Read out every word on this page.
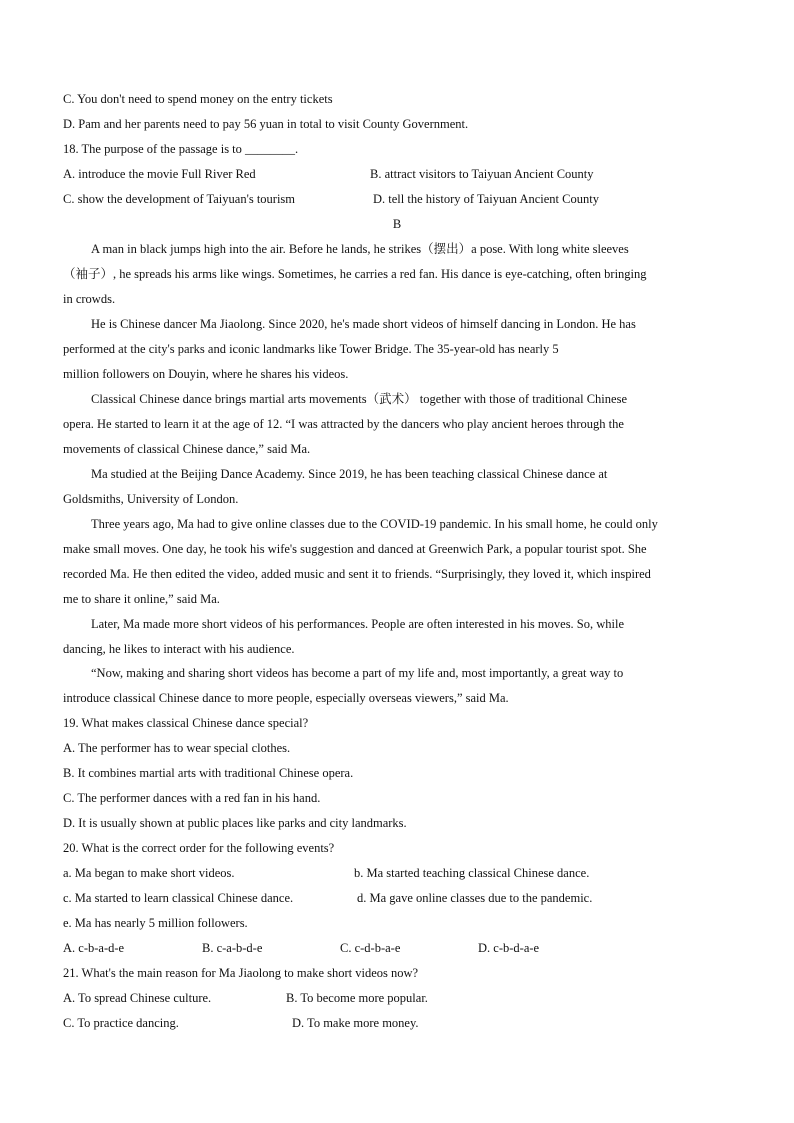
C. You don't need to spend money on the entry tickets
D. Pam and her parents need to pay 56 yuan in total to visit County Government.
18. The purpose of the passage is to ________.
A. introduce the movie Full River Red	B. attract visitors to Taiyuan Ancient County
C. show the development of Taiyuan's tourism	D. tell the history of Taiyuan Ancient County
B
A man in black jumps high into the air. Before he lands, he strikes（摆出）a pose. With long white sleeves
（袖子）, he spreads his arms like wings. Sometimes, he carries a red fan. His dance is eye-catching, often bringing
in crowds.
He is Chinese dancer Ma Jiaolong. Since 2020, he's made short videos of himself dancing in London. He has
performed at the city's parks and iconic landmarks like Tower Bridge. The 35-year-old has nearly 5
million followers on Douyin, where he shares his videos.
Classical Chinese dance brings martial arts movements（武术） together with those of traditional Chinese
opera. He started to learn it at the age of 12. “I was attracted by the dancers who play ancient heroes through the
movements of classical Chinese dance,” said Ma.
Ma studied at the Beijing Dance Academy. Since 2019, he has been teaching classical Chinese dance at
Goldsmiths, University of London.
Three years ago, Ma had to give online classes due to the COVID-19 pandemic. In his small home, he could only
make small moves. One day, he took his wife's suggestion and danced at Greenwich Park, a popular tourist spot. She
recorded Ma. He then edited the video, added music and sent it to friends. “Surprisingly, they loved it, which inspired
me to share it online,” said Ma.
Later, Ma made more short videos of his performances. People are often interested in his moves. So, while
dancing, he likes to interact with his audience.
“Now, making and sharing short videos has become a part of my life and, most importantly, a great way to
introduce classical Chinese dance to more people, especially overseas viewers,” said Ma.
19. What makes classical Chinese dance special?
A. The performer has to wear special clothes.
B. It combines martial arts with traditional Chinese opera.
C. The performer dances with a red fan in his hand.
D. It is usually shown at public places like parks and city landmarks.
20. What is the correct order for the following events?
a. Ma began to make short videos.	b. Ma started teaching classical Chinese dance.
c. Ma started to learn classical Chinese dance.	d. Ma gave online classes due to the pandemic.
e. Ma has nearly 5 million followers.
A. c-b-a-d-e	B. c-a-b-d-e	C. c-d-b-a-e	D. c-b-d-a-e
21. What's the main reason for Ma Jiaolong to make short videos now?
A. To spread Chinese culture.	B. To become more popular.
C. To practice dancing.	D. To make more money.
